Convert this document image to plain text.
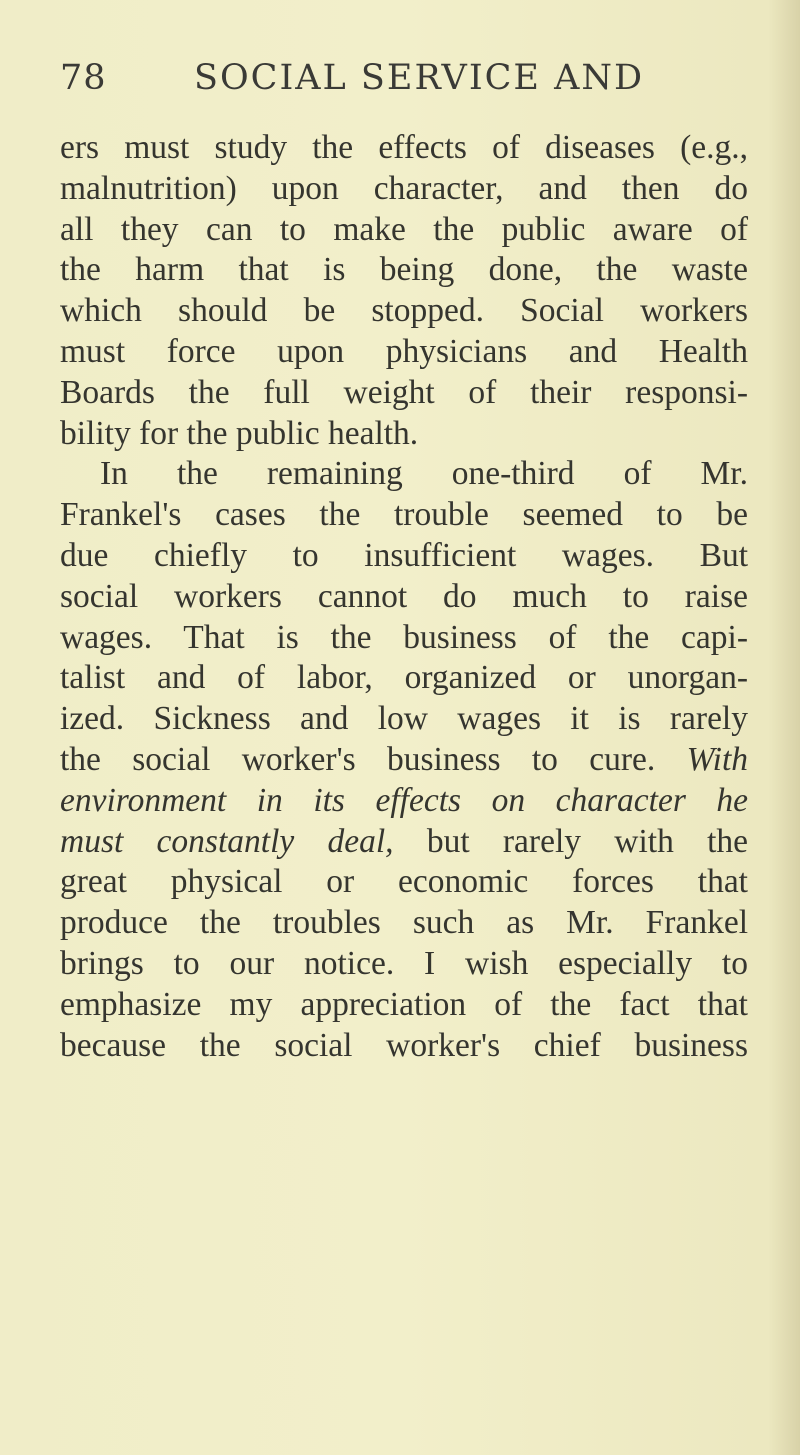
78 SOCIAL SERVICE AND
ers must study the effects of diseases (e.g.,
malnutrition) upon character, and then do
all they can to make the public aware of
the harm that is being done, the waste
which should be stopped. Social workers
must force upon physicians and Health
Boards the full weight of their responsi-
bility for the public health.
In the remaining one-third of Mr.
Frankel's cases the trouble seemed to be
due chiefly to insufficient wages. But
social workers cannot do much to raise
wages. That is the business of the capi-
talist and of labor, organized or unorgan-
ized. Sickness and low wages it is rarely
the social worker's business to cure. With
environment in its effects on character he
must constantly deal, but rarely with the
great physical or economic forces that
produce the troubles such as Mr. Frankel
brings to our notice. I wish especially to
emphasize my appreciation of the fact that
because the social worker's chief business
